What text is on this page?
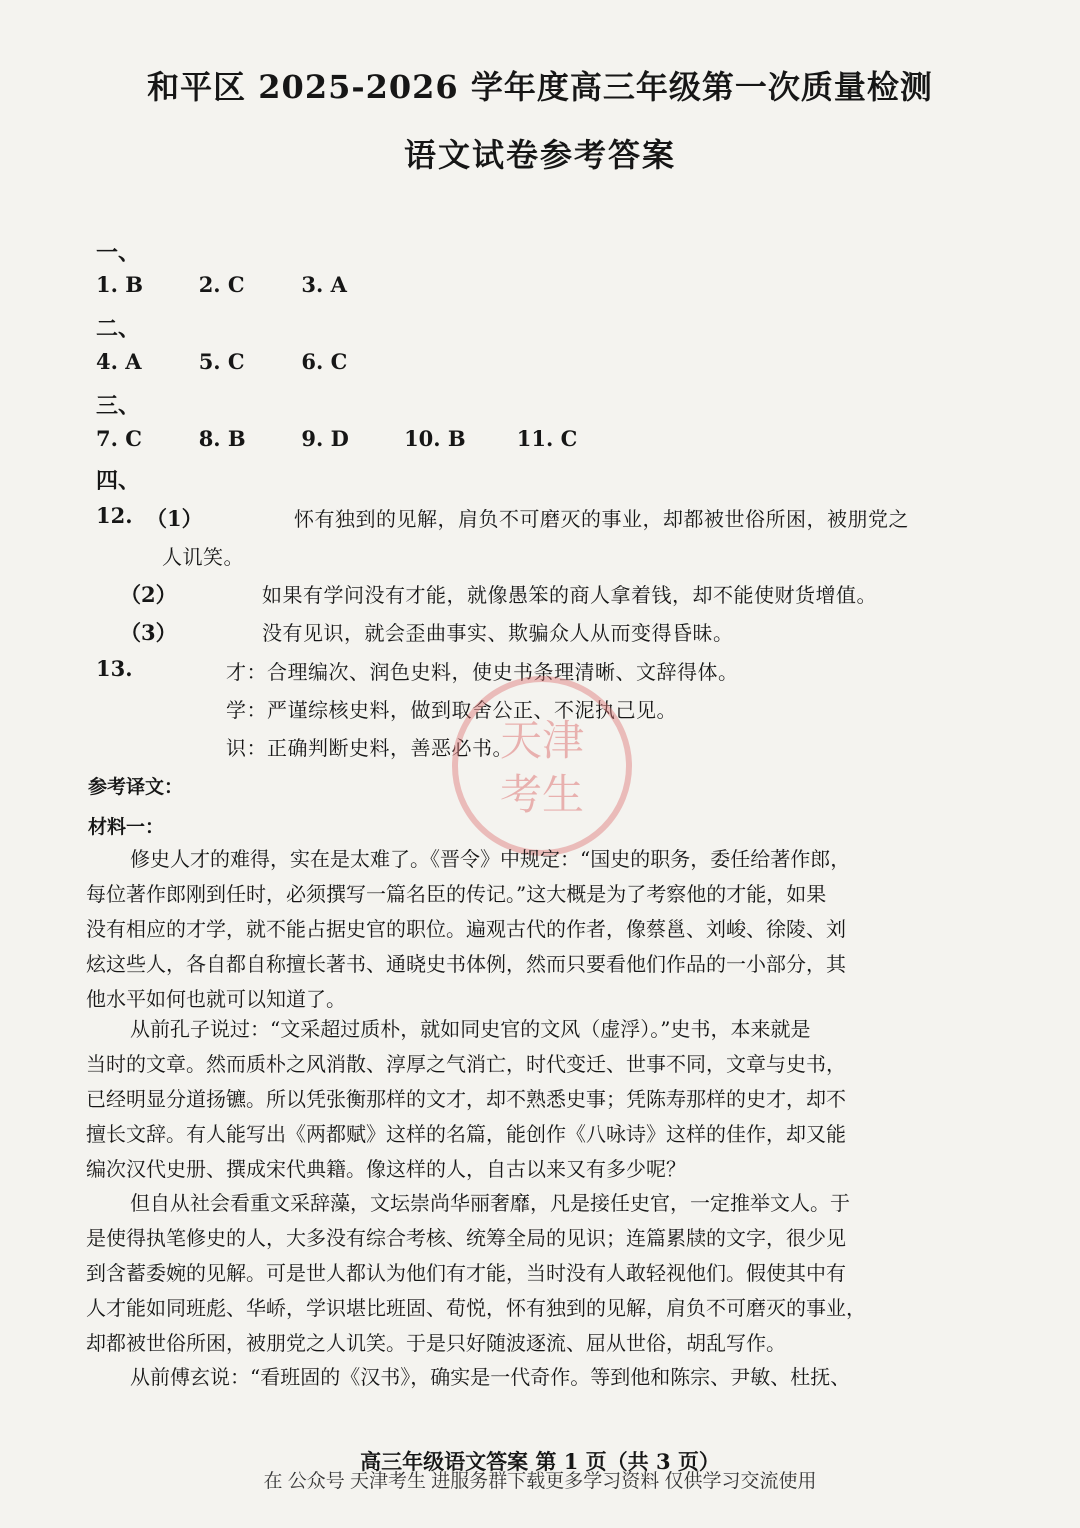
和平区 2025-2026 学年度高三年级第一次质量检测
语文试卷参考答案
一、
1. B	2. C	3. A
二、
4. A	5. C	6. C
三、
7. C	8. B	9. D	10. B 11. C
四、
12. （1）	怀有独到的见解，肩负不可磨灭的事业，却都被世俗所困，被朋党之
人讥笑。
（2）	如果有学问没有才能，就像愚笨的商人拿着钱，却不能使财货增值。
（3）	没有见识，就会歪曲事实、欺骗众人从而变得昏昧。
13.	才：合理编次、润色史料，使史书条理清晰、文辞得体。
学：严谨综核史料，做到取舍公正、不泥执己见。
识：正确判断史料，善恶必书。
天津
考生
参考译文：
材料一：
修史人才的难得，实在是太难了。《晋令》中规定：“国史的职务，委任给著作郎，
每位著作郎刚到任时，必须撰写一篇名臣的传记。”这大概是为了考察他的才能，如果
没有相应的才学，就不能占据史官的职位。遍观古代的作者，像蔡邕、刘峻、徐陵、刘
炫这些人，各自都自称擅长著书、通晓史书体例，然而只要看他们作品的一小部分，其
他水平如何也就可以知道了。
从前孔子说过：“文采超过质朴，就如同史官的文风（虚浮）。”史书，本来就是
当时的文章。然而质朴之风消散、淳厚之气消亡，时代变迁、世事不同，文章与史书，
已经明显分道扬镳。所以凭张衡那样的文才，却不熟悉史事；凭陈寿那样的史才，却不
擅长文辞。有人能写出《两都赋》这样的名篇，能创作《八咏诗》这样的佳作，却又能
编次汉代史册、撰成宋代典籍。像这样的人，自古以来又有多少呢？
但自从社会看重文采辞藻，文坛崇尚华丽奢靡，凡是接任史官，一定推举文人。于
是使得执笔修史的人，大多没有综合考核、统筹全局的见识；连篇累牍的文字，很少见
到含蓄委婉的见解。可是世人都认为他们有才能，当时没有人敢轻视他们。假使其中有
人才能如同班彪、华峤，学识堪比班固、荀悦，怀有独到的见解，肩负不可磨灭的事业，
却都被世俗所困，被朋党之人讥笑。于是只好随波逐流、屈从世俗，胡乱写作。
从前傅玄说：“看班固的《汉书》，确实是一代奇作。等到他和陈宗、尹敏、杜抚、
高三年级语文答案 第 1 页（共 3 页）
在 公众号 天津考生 进服务群下载更多学习资料 仅供学习交流使用
